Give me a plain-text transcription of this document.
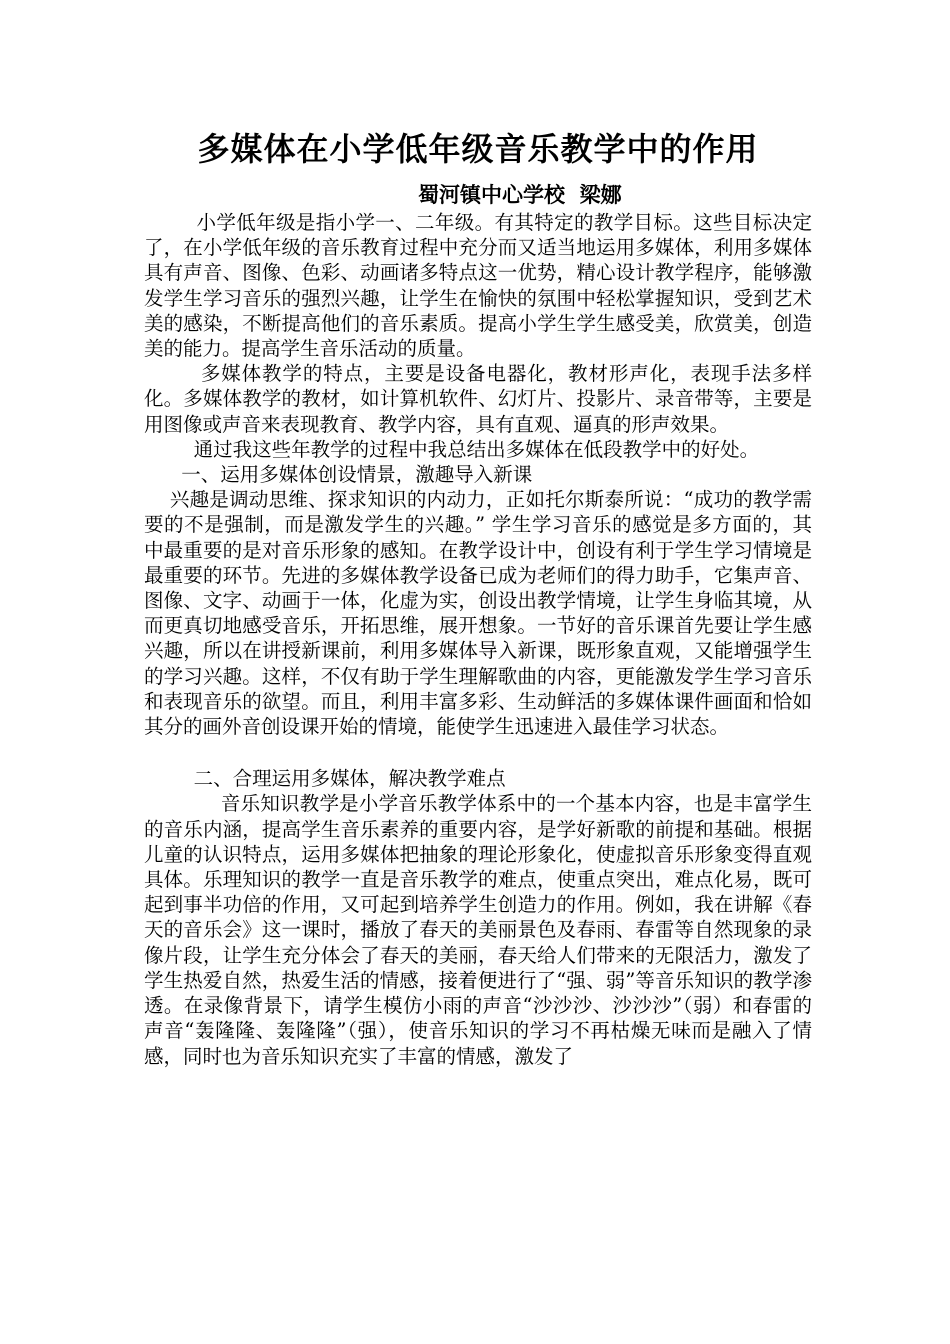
多媒体在小学低年级音乐教学中的作用
蜀河镇中心学校  梁娜

小学低年级是指小学一、二年级。有其特定的教学目标。这些目标决定了，在小学低年级的音乐教育过程中充分而又适当地运用多媒体，利用多媒体具有声音、图像、色彩、动画诸多特点这一优势，精心设计教学程序，能够激发学生学习音乐的强烈兴趣，让学生在愉快的氛围中轻松掌握知识，受到艺术美的感染，不断提高他们的音乐素质。提高小学生学生感受美，欣赏美，创造美的能力。提高学生音乐活动的质量。

多媒体教学的特点，主要是设备电器化，教材形声化，表现手法多样化。多媒体教学的教材，如计算机软件、幻灯片、投影片、录音带等，主要是用图像或声音来表现教育、教学内容，具有直观、逼真的形声效果。

通过我这些年教学的过程中我总结出多媒体在低段教学中的好处。

一、运用多媒体创设情景，激趣导入新课

兴趣是调动思维、探求知识的内动力，正如托尔斯泰所说：“成功的教学需要的不是强制，而是激发学生的兴趣。” 学生学习音乐的感觉是多方面的，其中最重要的是对音乐形象的感知。在教学设计中，创设有利于学生学习情境是最重要的环节。先进的多媒体教学设备已成为老师们的得力助手，它集声音、图像、文字、动画于一体，化虚为实，创设出教学情境，让学生身临其境，从而更真切地感受音乐，开拓思维，展开想象。一节好的音乐课首先要让学生感兴趣，所以在讲授新课前，利用多媒体导入新课，既形象直观，又能增强学生的学习兴趣。这样，不仅有助于学生理解歌曲的内容，更能激发学生学习音乐和表现音乐的欲望。而且，利用丰富多彩、生动鲜活的多媒体课件画面和恰如其分的画外音创设课开始的情境，能使学生迅速进入最佳学习状态。

二、合理运用多媒体，解决教学难点

音乐知识教学是小学音乐教学体系中的一个基本内容，也是丰富学生的音乐内涵，提高学生音乐素养的重要内容，是学好新歌的前提和基础。根据儿童的认识特点，运用多媒体把抽象的理论形象化，使虚拟音乐形象变得直观具体。乐理知识的教学一直是音乐教学的难点，使重点突出，难点化易，既可起到事半功倍的作用，又可起到培养学生创造力的作用。例如，我在讲解《春天的音乐会》这一课时，播放了春天的美丽景色及春雨、春雷等自然现象的录像片段，让学生充分体会了春天的美丽，春天给人们带来的无限活力，激发了学生热爱自然，热爱生活的情感，接着便进行了“强、弱”等音乐知识的教学渗透。在录像背景下，请学生模仿小雨的声音“沙沙沙、沙沙沙”（弱）和春雷的声音“轰隆隆、轰隆隆”（强），使音乐知识的学习不再枯燥无味而是融入了情感，同时也为音乐知识充实了丰富的情感，激发了
